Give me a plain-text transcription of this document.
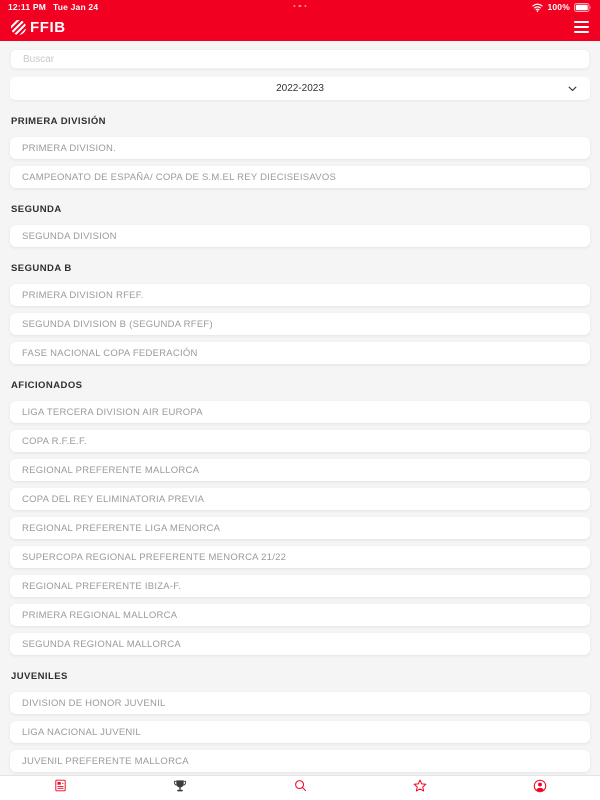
12:11 PM Tue Jan 24	100%
FFIB
Buscar
2022-2023
PRIMERA DIVISIÓN
PRIMERA DIVISION.
CAMPEONATO DE ESPAÑA/ COPA DE S.M.EL REY DIECISEISAVOS
SEGUNDA
SEGUNDA DIVISION
SEGUNDA B
PRIMERA DIVISION RFEF.
SEGUNDA DIVISION B (SEGUNDA RFEF)
FASE NACIONAL COPA FEDERACIÓN
AFICIONADOS
LIGA TERCERA DIVISION AIR EUROPA
COPA R.F.E.F.
REGIONAL PREFERENTE MALLORCA
COPA DEL REY ELIMINATORIA PREVIA
REGIONAL PREFERENTE LIGA MENORCA
SUPERCOPA REGIONAL PREFERENTE MENORCA 21/22
REGIONAL PREFERENTE IBIZA-F.
PRIMERA REGIONAL MALLORCA
SEGUNDA REGIONAL MALLORCA
JUVENILES
DIVISION DE HONOR JUVENIL
LIGA NACIONAL JUVENIL
JUVENIL PREFERENTE MALLORCA
